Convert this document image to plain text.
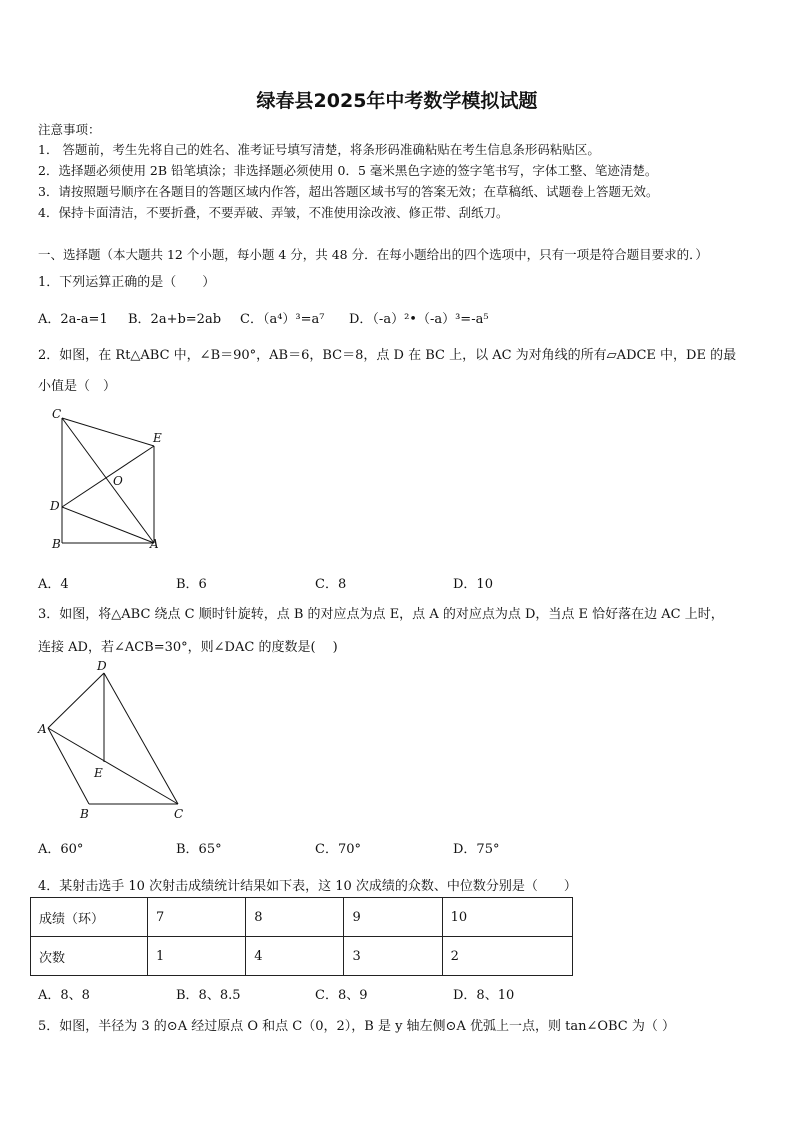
绿春县2025年中考数学模拟试题
注意事项：
1． 答题前，考生先将自己的姓名、准考证号填写清楚，将条形码准确粘贴在考生信息条形码粘贴区。
2．选择题必须使用 2B 铅笔填涂；非选择题必须使用 0．5 毫米黑色字迹的签字笔书写，字体工整、笔迹清楚。
3．请按照题号顺序在各题目的答题区域内作答，超出答题区域书写的答案无效；在草稿纸、试题卷上答题无效。
4．保持卡面清洁，不要折叠，不要弄破、弄皱，不准使用涂改液、修正带、刮纸刀。
一、选择题（本大题共 12 个小题，每小题 4 分，共 48 分．在每小题给出的四个选项中，只有一项是符合题目要求的．）
1．下列运算正确的是（　　）
A．2a-a=1 B．2a+b=2ab C．（a⁴）³=a⁷ D．（-a）²•（-a）³=-a⁵
2．如图，在 Rt△ABC 中，∠B＝90°，AB＝6，BC＝8，点 D 在 BC 上，以 AC 为对角线的所有▱ADCE 中，DE 的最
小值是（　）
C
E
O
D
B	A
A．4	B．6	C．8	D．10
3．如图，将△ABC 绕点 C 顺时针旋转，点 B 的对应点为点 E，点 A 的对应点为点 D，当点 E 恰好落在边 AC 上时，
连接 AD，若∠ACB=30°，则∠DAC 的度数是(　 )
D
A
E
B	C
A．60°	B．65°	C．70°	D．75°
4．某射击选手 10 次射击成绩统计结果如下表，这 10 次成绩的众数、中位数分别是（　　）
成绩（环）	7	8	9	10
次数	1	4	3	2
A．8、8	B．8、8.5	C．8、9	D．8、10
5．如图，半径为 3 的⊙A 经过原点 O 和点 C（0，2），B 是 y 轴左侧⊙A 优弧上一点，则 tan∠OBC 为（ ）
